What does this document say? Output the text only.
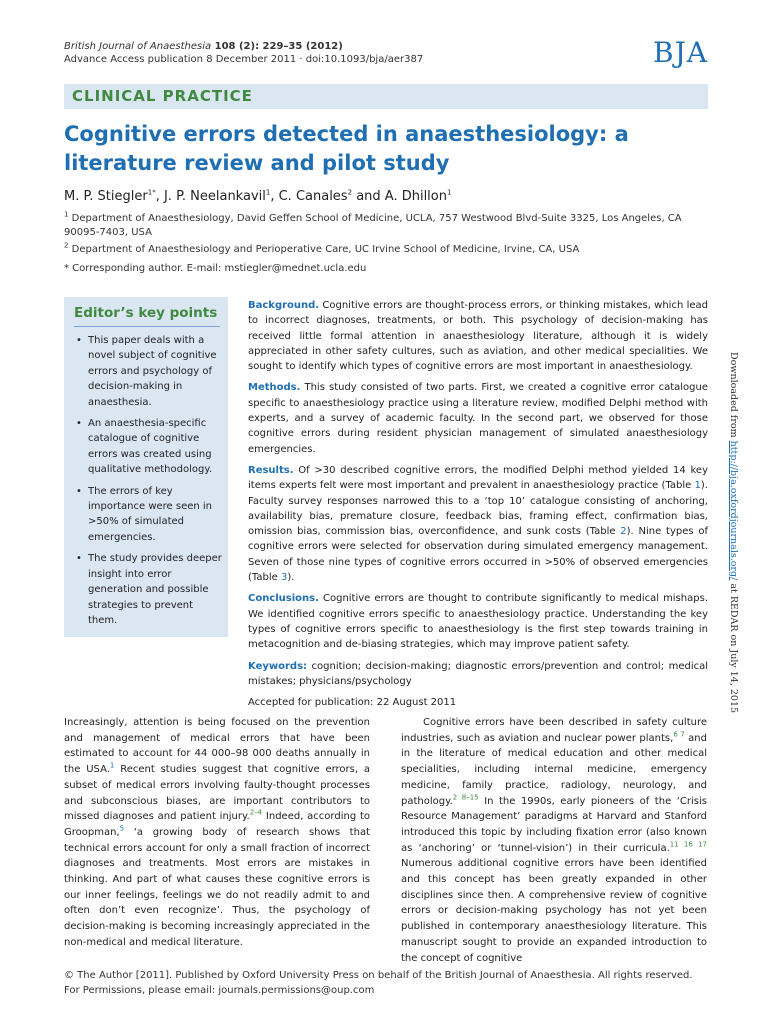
British Journal of Anaesthesia 108 (2): 229–35 (2012)
Advance Access publication 8 December 2011 · doi:10.1093/bja/aer387	BJA
CLINICAL PRACTICE
Cognitive errors detected in anaesthesiology: a literature review and pilot study
M. P. Stiegler$^{1*}$, J. P. Neelankavil$^1$, C. Canales$^2$ and A. Dhillon$^1$
$^1$ Department of Anaesthesiology, David Geffen School of Medicine, UCLA, 757 Westwood Blvd-Suite 3325, Los Angeles, CA 90095-7403, USA
$^2$ Department of Anaesthesiology and Perioperative Care, UC Irvine School of Medicine, Irvine, CA, USA
* Corresponding author. E-mail: mstiegler@mednet.ucla.edu
Editor’s key points
• This paper deals with a novel subject of cognitive errors and psychology of decision-making in anaesthesia.
• An anaesthesia-specific catalogue of cognitive errors was created using qualitative methodology.
• The errors of key importance were seen in >50% of simulated emergencies.
• The study provides deeper insight into error generation and possible strategies to prevent them.

Background. Cognitive errors are thought-process errors, or thinking mistakes, which lead to incorrect diagnoses, treatments, or both. This psychology of decision-making has received little formal attention in anaesthesiology literature, although it is widely appreciated in other safety cultures, such as aviation, and other medical specialities. We sought to identify which types of cognitive errors are most important in anaesthesiology.

Methods. This study consisted of two parts. First, we created a cognitive error catalogue specific to anaesthesiology practice using a literature review, modified Delphi method with experts, and a survey of academic faculty. In the second part, we observed for those cognitive errors during resident physician management of simulated anaesthesiology emergencies.

Results. Of >30 described cognitive errors, the modified Delphi method yielded 14 key items experts felt were most important and prevalent in anaesthesiology practice (Table 1). Faculty survey responses narrowed this to a ‘top 10’ catalogue consisting of anchoring, availability bias, premature closure, feedback bias, framing effect, confirmation bias, omission bias, commission bias, overconfidence, and sunk costs (Table 2). Nine types of cognitive errors were selected for observation during simulated emergency management. Seven of those nine types of cognitive errors occurred in >50% of observed emergencies (Table 3).

Conclusions. Cognitive errors are thought to contribute significantly to medical mishaps. We identified cognitive errors specific to anaesthesiology practice. Understanding the key types of cognitive errors specific to anaesthesiology is the first step towards training in metacognition and de-biasing strategies, which may improve patient safety.

Keywords: cognition; decision-making; diagnostic errors/prevention and control; medical mistakes; physicians/psychology

Accepted for publication: 22 August 2011

Increasingly, attention is being focused on the prevention and management of medical errors that have been estimated to account for 44 000–98 000 deaths annually in the USA.$^1$ Recent studies suggest that cognitive errors, a subset of medical errors involving faulty-thought processes and subconscious biases, are important contributors to missed diagnoses and patient injury.$^{2-4}$ Indeed, according to Groopman,$^5$ ‘a growing body of research shows that technical errors account for only a small fraction of incorrect diagnoses and treatments. Most errors are mistakes in thinking. And part of what causes these cognitive errors is our inner feelings, feelings we do not readily admit to and often don’t even recognize’. Thus, the psychology of decision-making is becoming increasingly appreciated in the non-medical and medical literature.

Cognitive errors have been described in safety culture industries, such as aviation and nuclear power plants,$^{6 7}$ and in the literature of medical education and other medical specialities, including internal medicine, emergency medicine, family practice, radiology, neurology, and pathology.$^{2 8-15}$ In the 1990s, early pioneers of the ‘Crisis Resource Management’ paradigms at Harvard and Stanford introduced this topic by including fixation error (also known as ‘anchoring’ or ‘tunnel-vision’) in their curricula.$^{11 16 17}$ Numerous additional cognitive errors have been identified and this concept has been greatly expanded in other disciplines since then. A comprehensive review of cognitive errors or decision-making psychology has not yet been published in contemporary anaesthesiology literature. This manuscript sought to provide an expanded introduction to the concept of cognitive

© The Author [2011]. Published by Oxford University Press on behalf of the British Journal of Anaesthesia. All rights reserved.
For Permissions, please email: journals.permissions@oup.com
Downloaded from http://bja.oxfordjournals.org/ at REDAR on July 14, 2015
